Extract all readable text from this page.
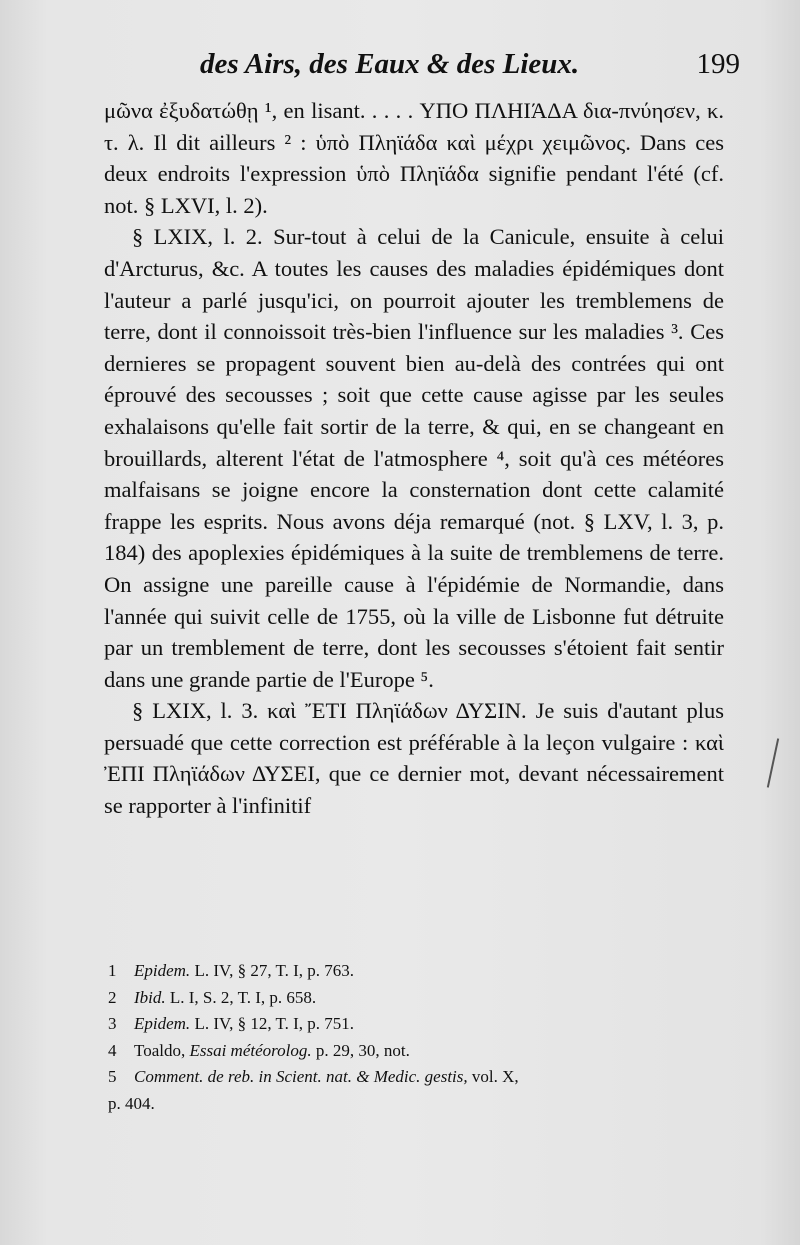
des Airs, des Eaux & des Lieux.	199

μῶνα ἐξυδατώθῃ ¹, en lisant. . . . . ΥΠΟ ΠΛΗΙΆΔΑ δια-πνύησεν, κ. τ. λ. Il dit ailleurs ² : ὑπὸ Πληϊάδα καὶ μέχρι χειμῶνος. Dans ces deux endroits l'expression ὑπὸ Πληϊάδα signifie pendant l'été (cf. not. § LXVI, l. 2).

§ LXIX, l. 2. Sur-tout à celui de la Canicule, ensuite à celui d'Arcturus, &c. A toutes les causes des maladies épidémiques dont l'auteur a parlé jusqu'ici, on pourroit ajouter les tremblemens de terre, dont il connoissoit très-bien l'influence sur les maladies ³. Ces dernieres se propagent souvent bien au-delà des contrées qui ont éprouvé des secousses ; soit que cette cause agisse par les seules exhalaisons qu'elle fait sortir de la terre, & qui, en se changeant en brouillards, alterent l'état de l'atmosphere ⁴, soit qu'à ces météores malfaisans se joigne encore la consternation dont cette calamité frappe les esprits. Nous avons déja remarqué (not. § LXV, l. 3, p. 184) des apoplexies épidémiques à la suite de tremblemens de terre. On assigne une pareille cause à l'épidémie de Normandie, dans l'année qui suivit celle de 1755, où la ville de Lisbonne fut détruite par un tremblement de terre, dont les secousses s'étoient fait sentir dans une grande partie de l'Europe ⁵.

§ LXIX, l. 3. καὶ ἜΤΙ Πληϊάδων ΔΥΣΙΝ. Je suis d'autant plus persuadé que cette correction est préférable à la leçon vulgaire : καὶ ἘΠΙ Πληϊάδων ΔΥΣΕΙ, que ce dernier mot, devant nécessairement se rapporter à l'infinitif

1 Epidem. L. IV, § 27, T. I, p. 763.

2 Ibid. L. I, S. 2, T. I, p. 658.

3 Epidem. L. IV, § 12, T. I, p. 751.

4 Toaldo, Essai météorolog. p. 29, 30, not.

5 Comment. de reb. in Scient. nat. & Medic. gestis, vol. X,

p. 404.
